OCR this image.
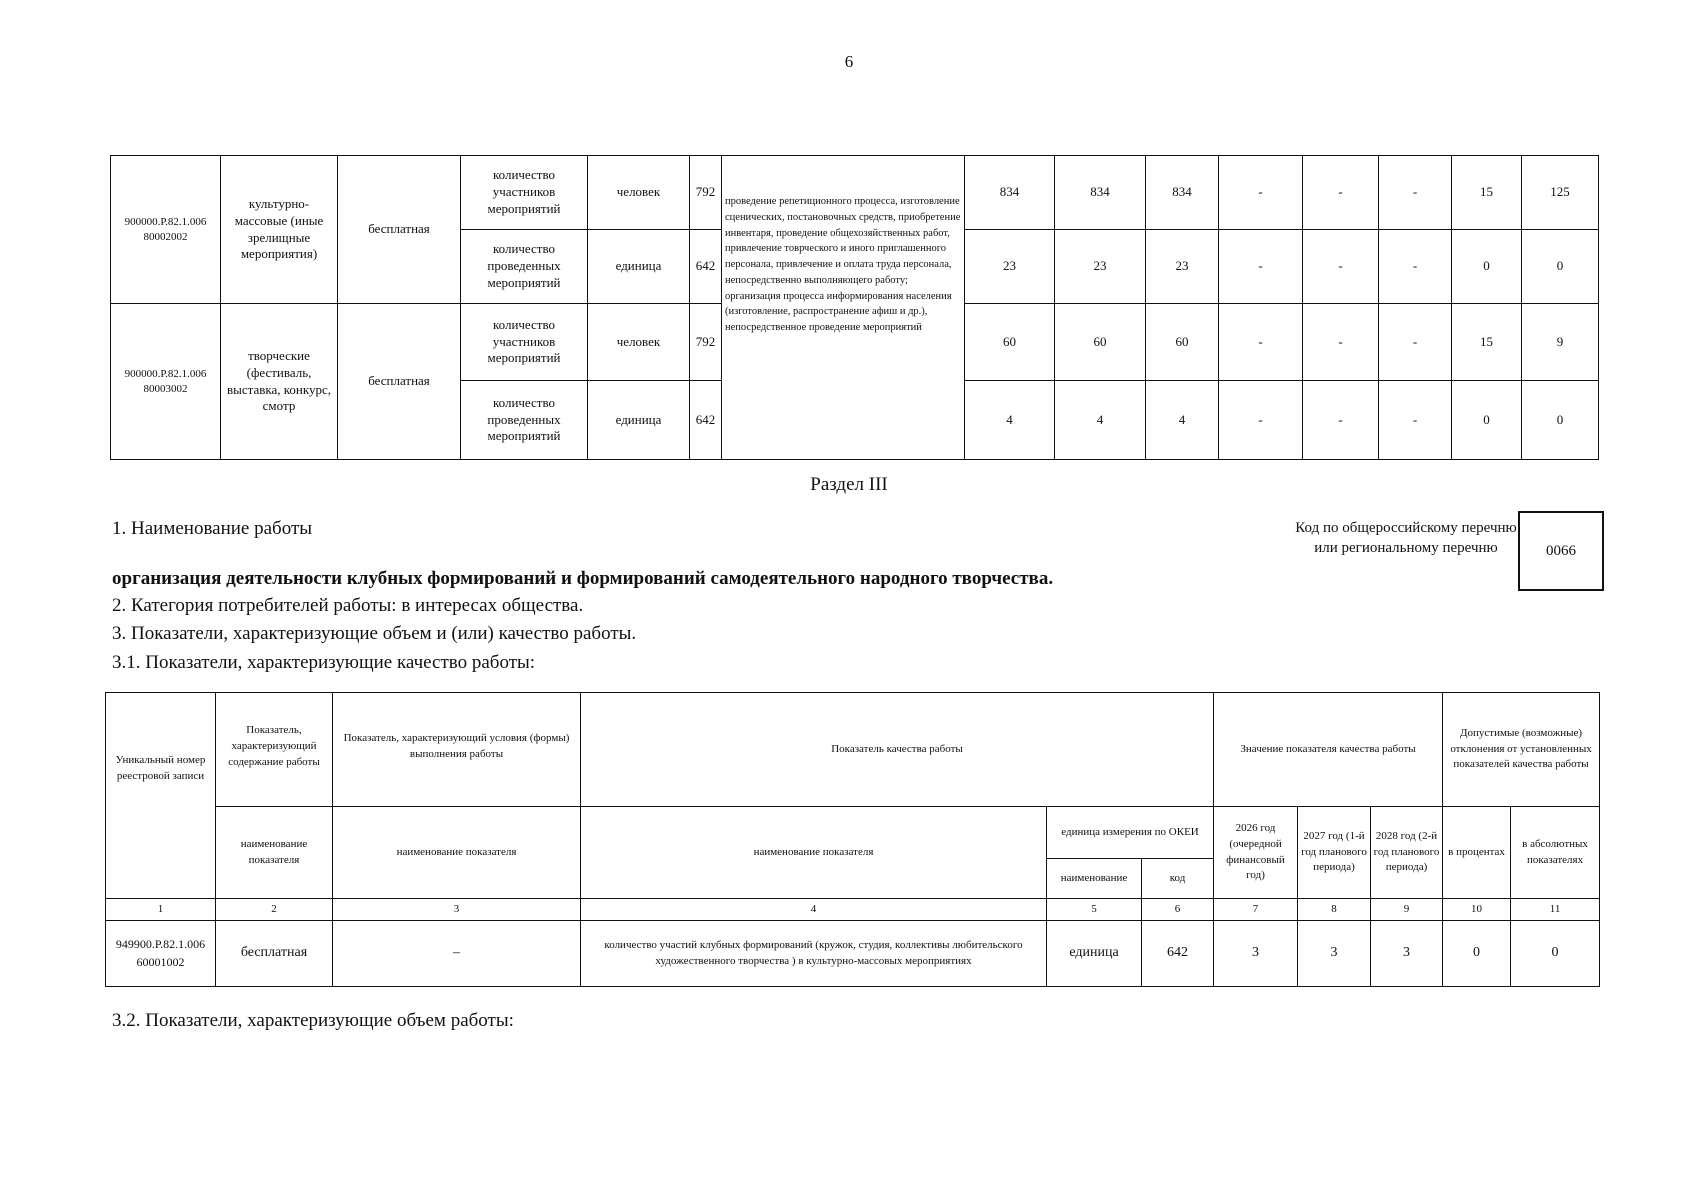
6
900000.Р.82.1.006 80002002	культурно-массовые (иные зрелищные мероприятия)	бесплатная	количество участников мероприятий	человек	792	проведение репетиционного процесса, изготовление сценических, постановочных средств, приобретение инвентаря, проведение общехозяйственных работ, привлечение товрческого и иного приглашенного персонала, привлечение и оплата труда персонала, непосредственно выполняющего работу; организация процесса информирования населения (изготовление, распространение афиш и др.), непосредственное проведение мероприятий	834	834	834	-	-	-	15	125
			количество проведенных мероприятий	единица	642		23	23	23	-	-	-	0	0
900000.Р.82.1.006 80003002	творческие (фестиваль, выставка, конкурс, смотр	бесплатная	количество участников мероприятий	человек	792		60	60	60	-	-	-	15	9
			количество проведенных мероприятий	единица	642		4	4	4	-	-	-	0	0
Раздел III
1. Наименование работы	Код по общероссийскому перечню или региональному перечню	0066
организация деятельности клубных формирований и формирований самодеятельного народного творчества.
2. Категория потребителей работы: в интересах общества.
3. Показатели, характеризующие объем и (или) качество работы.
3.1. Показатели, характеризующие качество работы:
Уникальный номер реестровой записи	Показатель, характеризующий содержание работы	Показатель, характеризующий условия (формы) выполнения работы	Показатель качества работы			Значение показателя качества работы			Допустимые (возможные) отклонения от установленных показателей качества работы	
	наименование показателя	наименование показателя	наименование показателя	единица измерения по ОКЕИ		2026 год (очередной финансовый год)	2027 год (1-й год планового периода)	2028 год (2-й год планового периода)	в процентах	в абсолютных показателях
				наименование	код					
1	2	3	4	5	6	7	8	9	10	11
949900.Р.82.1.006 60001002	бесплатная	–	количество участий клубных формирований (кружок, студия, коллективы любительского художественного творчества ) в культурно-массовых мероприятиях	единица	642	3	3	3	0	0
3.2. Показатели, характеризующие объем работы:
